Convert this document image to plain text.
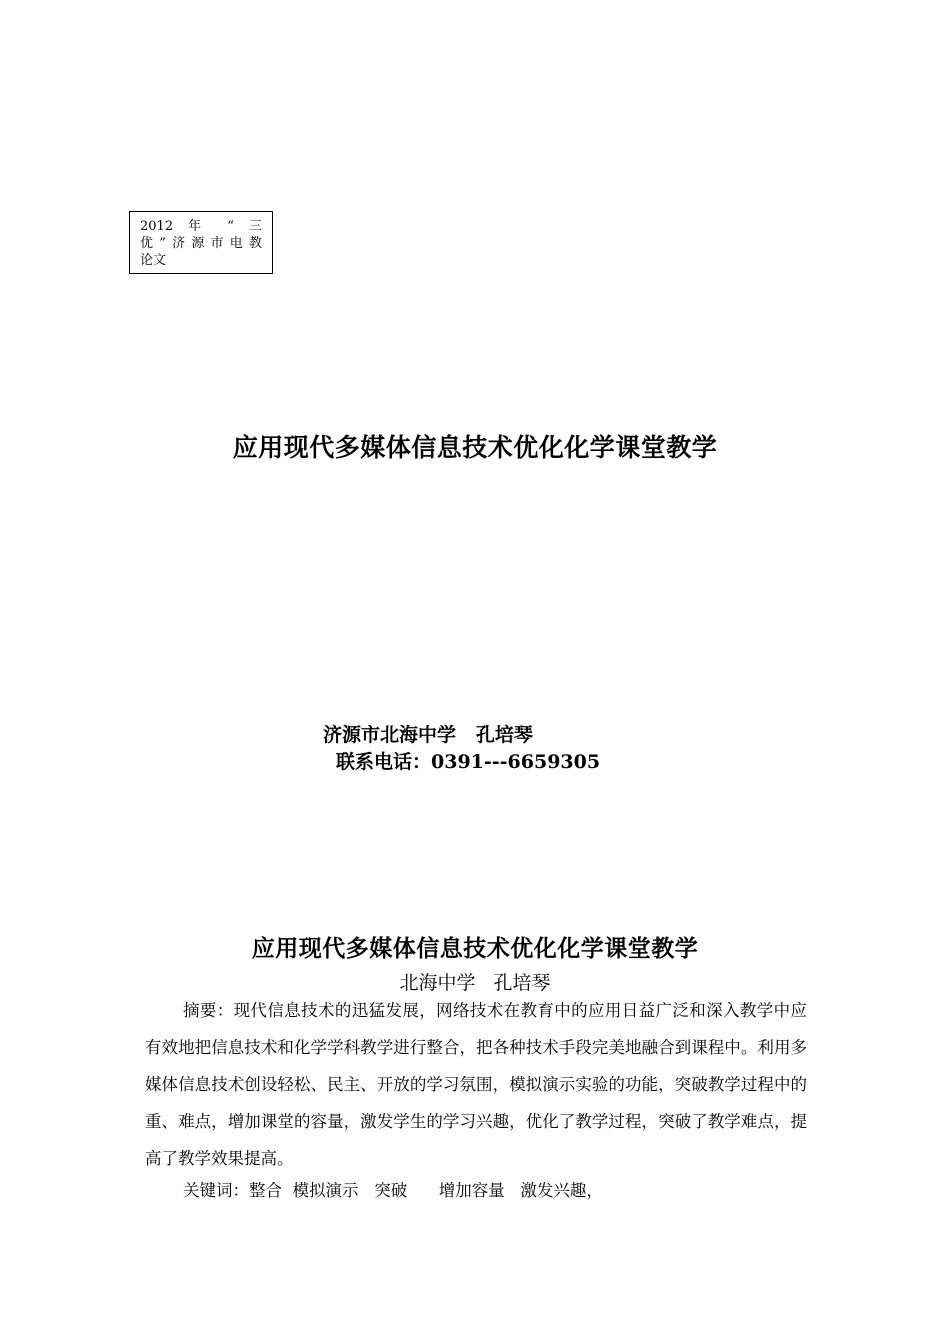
2012 年 “ 三
优”济源市电教
论文
应用现代多媒体信息技术优化化学课堂教学
济源市北海中学   孔培琴
联系电话：0391---6659305
应用现代多媒体信息技术优化化学课堂教学
北海中学   孔培琴
摘要：现代信息技术的迅猛发展，网络技术在教育中的应用日益广泛和深入教学中应有效地把信息技术和化学学科教学进行整合，把各种技术手段完美地融合到课程中。利用多媒体信息技术创设轻松、民主、开放的学习氛围，模拟演示实验的功能，突破教学过程中的重、难点，增加课堂的容量，激发学生的学习兴趣，优化了教学过程，突破了教学难点，提高了教学效果提高。
关键词：整合  模拟演示   突破      增加容量   激发兴趣，
